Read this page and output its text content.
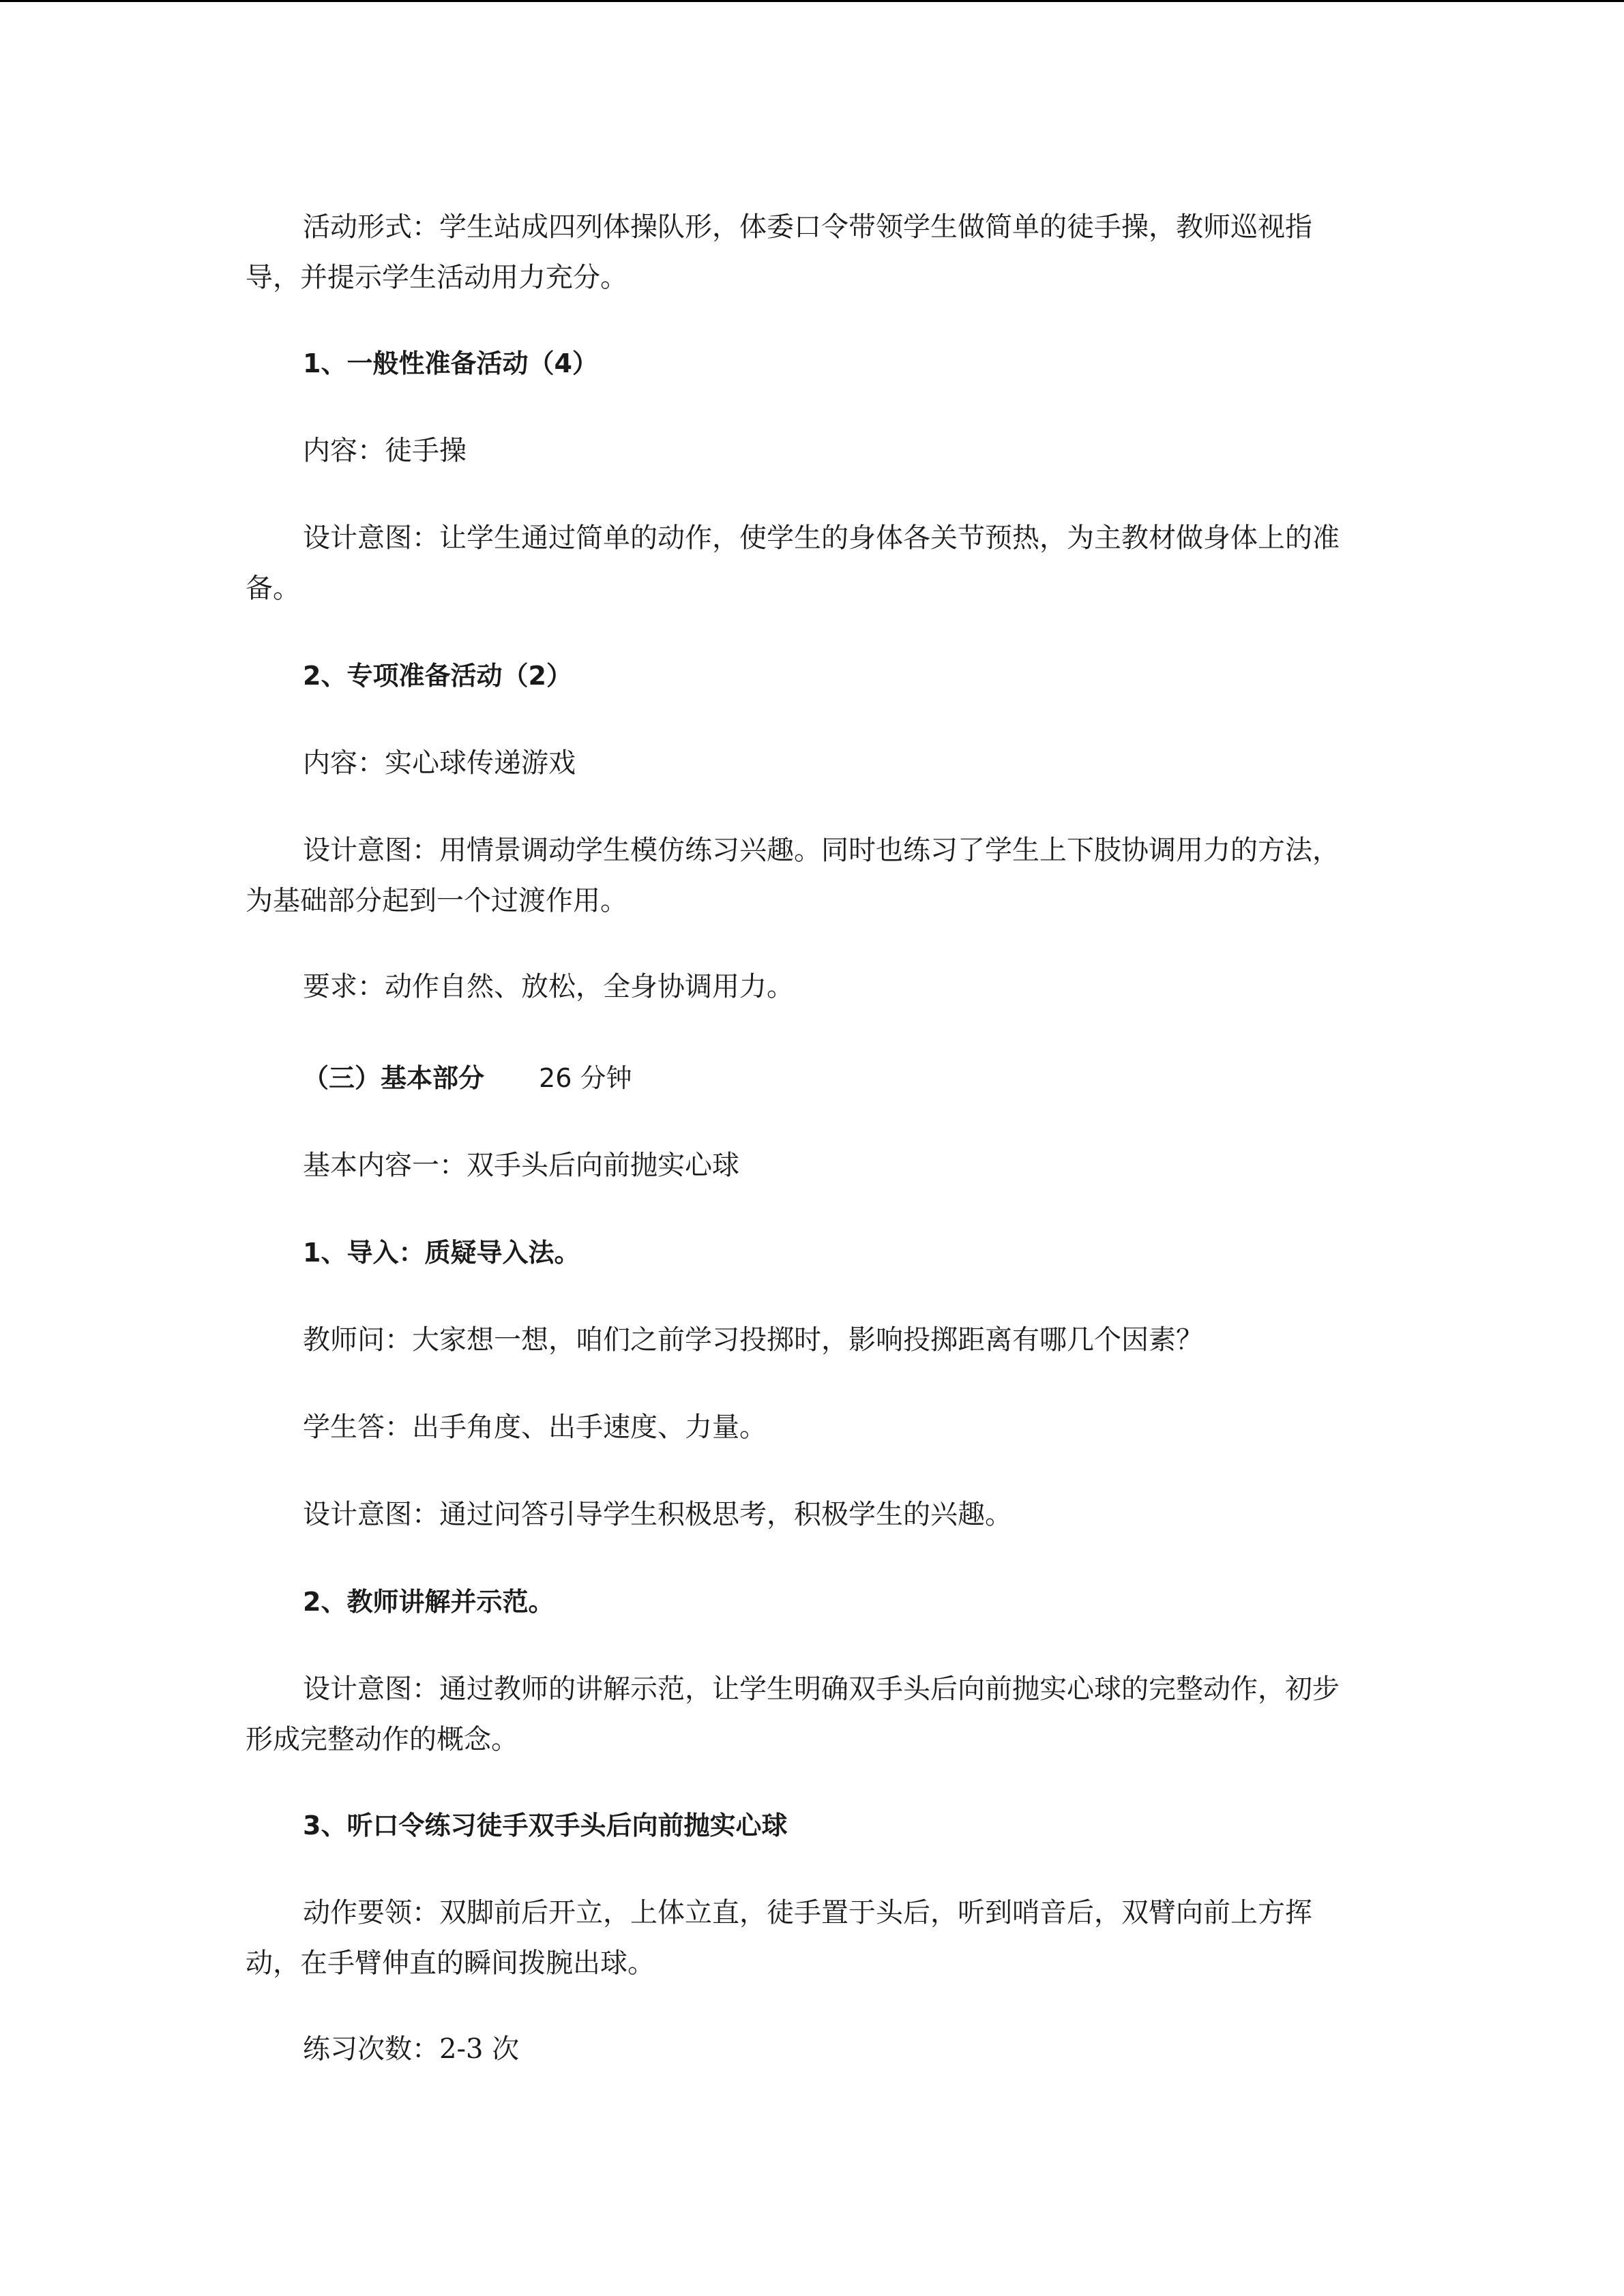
活动形式：学生站成四列体操队形，体委口令带领学生做简单的徒手操，教师巡视指导，并提示学生活动用力充分。

1、一般性准备活动（4）

内容：徒手操

设计意图：让学生通过简单的动作，使学生的身体各关节预热，为主教材做身体上的准备。

2、专项准备活动（2）

内容：实心球传递游戏

设计意图：用情景调动学生模仿练习兴趣。同时也练习了学生上下肢协调用力的方法，为基础部分起到一个过渡作用。

要求：动作自然、放松，全身协调用力。

（三）基本部分 26 分钟

基本内容一：双手头后向前抛实心球

1、导入：质疑导入法。

教师问：大家想一想，咱们之前学习投掷时，影响投掷距离有哪几个因素？

学生答：出手角度、出手速度、力量。

设计意图：通过问答引导学生积极思考，积极学生的兴趣。

2、教师讲解并示范。

设计意图：通过教师的讲解示范，让学生明确双手头后向前抛实心球的完整动作，初步形成完整动作的概念。

3、听口令练习徒手双手头后向前抛实心球

动作要领：双脚前后开立，上体立直，徒手置于头后，听到哨音后，双臂向前上方挥动，在手臂伸直的瞬间拨腕出球。

练习次数：2-3 次
